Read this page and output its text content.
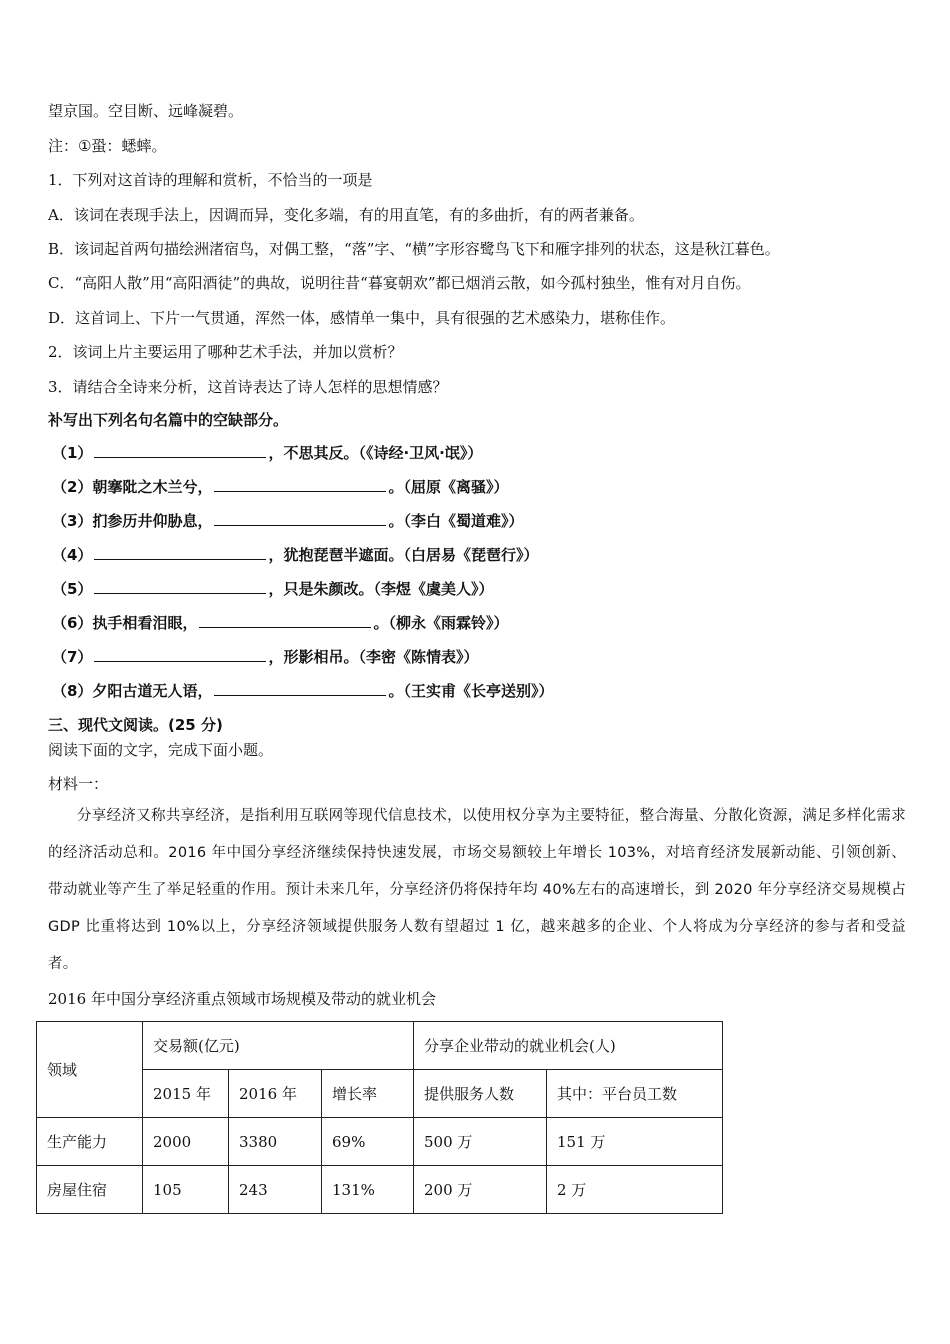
望京国。空目断、远峰凝碧。
注：①蛩：蟋蟀。
1．下列对这首诗的理解和赏析，不恰当的一项是
A．该词在表现手法上，因调而异，变化多端，有的用直笔，有的多曲折，有的两者兼备。
B．该词起首两句描绘洲渚宿鸟，对偶工整，“落”字、“横”字形容鹭鸟飞下和雁字排列的状态，这是秋江暮色。
C．“高阳人散”用“高阳酒徒”的典故，说明往昔“暮宴朝欢”都已烟消云散，如今孤村独坐，惟有对月自伤。
D．这首词上、下片一气贯通，浑然一体，感情单一集中，具有很强的艺术感染力，堪称佳作。
2．该词上片主要运用了哪种艺术手法，并加以赏析？
3．请结合全诗来分析，这首诗表达了诗人怎样的思想情感？
补写出下列名句名篇中的空缺部分。
（1）	，不思其反。（《诗经·卫风·氓》）
（2）朝搴阰之木兰兮，	。（屈原《离骚》）
（3）扪参历井仰胁息，	。（李白《蜀道难》）
（4）	，犹抱琵琶半遮面。（白居易《琵琶行》）
（5）	，只是朱颜改。（李煜《虞美人》）
（6）执手相看泪眼，	。（柳永《雨霖铃》）
（7）	，形影相吊。（李密《陈情表》）
（8）夕阳古道无人语，	。（王实甫《长亭送别》）
三、现代文阅读。(25 分)
阅读下面的文字，完成下面小题。
材料一：
分享经济又称共享经济，是指利用互联网等现代信息技术，以使用权分享为主要特征，整合海量、分散化资源，满足多样化需求的经济活动总和。2016 年中国分享经济继续保持快速发展，市场交易额较上年增长 103%，对培育经济发展新动能、引领创新、带动就业等产生了举足轻重的作用。预计未来几年，分享经济仍将保持年均 40%左右的高速增长，到 2020 年分享经济交易规模占 GDP 比重将达到 10%以上，分享经济领域提供服务人数有望超过 1 亿，越来越多的企业、个人将成为分享经济的参与者和受益者。
2016 年中国分享经济重点领域市场规模及带动的就业机会
领域	交易额(亿元)			分享企业带动的就业机会(人)	
	2015 年	2016 年	增长率	提供服务人数	其中：平台员工数
生产能力	2000	3380	69%	500 万	151 万
房屋住宿	105	243	131%	200 万	2 万
